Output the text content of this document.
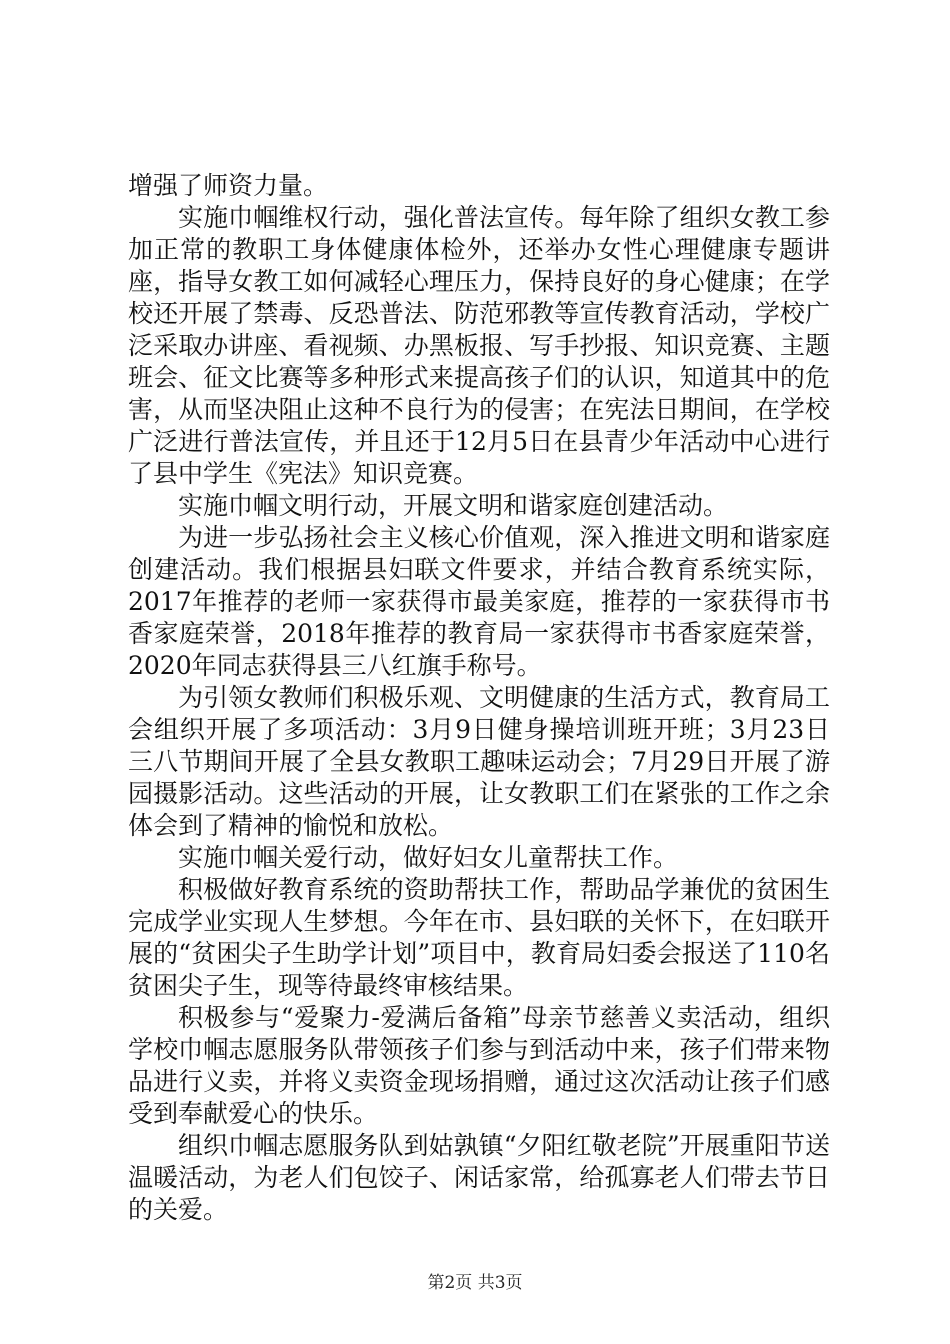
增强了师资力量。

实施巾帼维权行动，强化普法宣传。每年除了组织女教工参加正常的教职工身体健康体检外，还举办女性心理健康专题讲座，指导女教工如何减轻心理压力，保持良好的身心健康；在学校还开展了禁毒、反恐普法、防范邪教等宣传教育活动，学校广泛采取办讲座、看视频、办黑板报、写手抄报、知识竞赛、主题班会、征文比赛等多种形式来提高孩子们的认识，知道其中的危害，从而坚决阻止这种不良行为的侵害；在宪法日期间，在学校广泛进行普法宣传，并且还于12月5日在县青少年活动中心进行了县中学生《宪法》知识竞赛。

实施巾帼文明行动，开展文明和谐家庭创建活动。

为进一步弘扬社会主义核心价值观，深入推进文明和谐家庭创建活动。我们根据县妇联文件要求，并结合教育系统实际，2017年推荐的老师一家获得市最美家庭，推荐的一家获得市书香家庭荣誉，2018年推荐的教育局一家获得市书香家庭荣誉，2020年同志获得县三八红旗手称号。

为引领女教师们积极乐观、文明健康的生活方式，教育局工会组织开展了多项活动：3月9日健身操培训班开班；3月23日三八节期间开展了全县女教职工趣味运动会；7月29日开展了游园摄影活动。这些活动的开展，让女教职工们在紧张的工作之余体会到了精神的愉悦和放松。

实施巾帼关爱行动，做好妇女儿童帮扶工作。

积极做好教育系统的资助帮扶工作，帮助品学兼优的贫困生完成学业实现人生梦想。今年在市、县妇联的关怀下，在妇联开展的“贫困尖子生助学计划”项目中，教育局妇委会报送了110名贫困尖子生，现等待最终审核结果。

积极参与“爱聚力-爱满后备箱”母亲节慈善义卖活动，组织学校巾帼志愿服务队带领孩子们参与到活动中来，孩子们带来物品进行义卖，并将义卖资金现场捐赠，通过这次活动让孩子们感受到奉献爱心的快乐。

组织巾帼志愿服务队到姑孰镇“夕阳红敬老院”开展重阳节送温暖活动，为老人们包饺子、闲话家常，给孤寡老人们带去节日的关爱。

第2页 共3页
